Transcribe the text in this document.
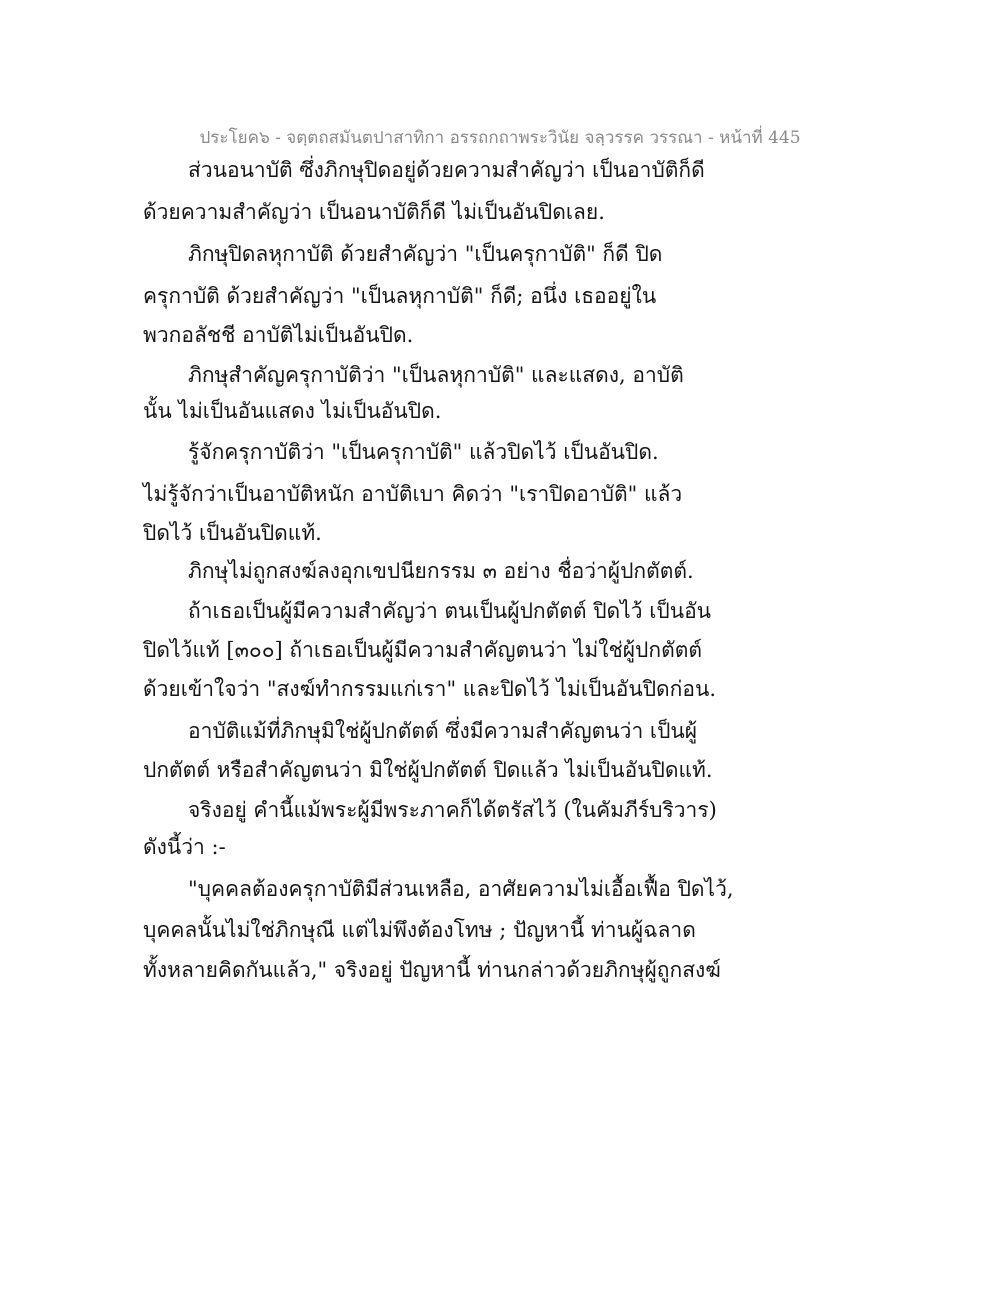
ประโยค๖ - จตฺตถสมันตปาสาทิกา อรรถกถาพระวินัย จลฺวรรค วรรณา - หน้าที่ 445
ส่วนอนาบัติ ซึ่งภิกษุปิดอยู่ด้วยความสำคัญว่า เป็นอาบัติก็ดี
ด้วยความสำคัญว่า เป็นอนาบัติก็ดี ไม่เป็นอันปิดเลย.
ภิกษุปิดลหุกาบัติ ด้วยสำคัญว่า "เป็นครุกาบัติ" ก็ดี ปิด
ครุกาบัติ ด้วยสำคัญว่า "เป็นลหุกาบัติ" ก็ดี; อนึ่ง เธออยู่ใน
พวกอลัชชี อาบัติไม่เป็นอันปิด.
ภิกษุสำคัญครุกาบัติว่า "เป็นลหุกาบัติ" และแสดง, อาบัติ
นั้น ไม่เป็นอันแสดง ไม่เป็นอันปิด.
รู้จักครุกาบัติว่า "เป็นครุกาบัติ" แล้วปิดไว้ เป็นอันปิด.
ไม่รู้จักว่าเป็นอาบัติหนัก อาบัติเบา คิดว่า "เราปิดอาบัติ" แล้ว
ปิดไว้ เป็นอันปิดแท้.
ภิกษุไม่ถูกสงฆ์ลงอุกเขปนียกรรม ๓ อย่าง ชื่อว่าผู้ปกตัตต์.
ถ้าเธอเป็นผู้มีความสำคัญว่า ตนเป็นผู้ปกตัตต์ ปิดไว้ เป็นอัน
ปิดไว้แท้ [๓๐๐] ถ้าเธอเป็นผู้มีความสำคัญตนว่า ไม่ใช่ผู้ปกตัตต์
ด้วยเข้าใจว่า "สงฆ์ทำกรรมแก่เรา" และปิดไว้ ไม่เป็นอันปิดก่อน.
อาบัติแม้ที่ภิกษุมิใช่ผู้ปกตัตต์ ซึ่งมีความสำคัญตนว่า เป็นผู้
ปกตัตต์ หรือสำคัญตนว่า มิใช่ผู้ปกตัตต์ ปิดแล้ว ไม่เป็นอันปิดแท้.
จริงอยู่ คำนี้แม้พระผู้มีพระภาคก็ได้ตรัสไว้ (ในคัมภีร์บริวาร)
ดังนี้ว่า :-
"บุคคลต้องครุกาบัติมีส่วนเหลือ, อาศัยความไม่เอื้อเฟื้อ ปิดไว้,
บุคคลนั้นไม่ใช่ภิกษุณี แต่ไม่พึงต้องโทษ ; ปัญหานี้ ท่านผู้ฉลาด
ทั้งหลายคิดกันแล้ว," จริงอยู่ ปัญหานี้ ท่านกล่าวด้วยภิกษุผู้ถูกสงฆ์
